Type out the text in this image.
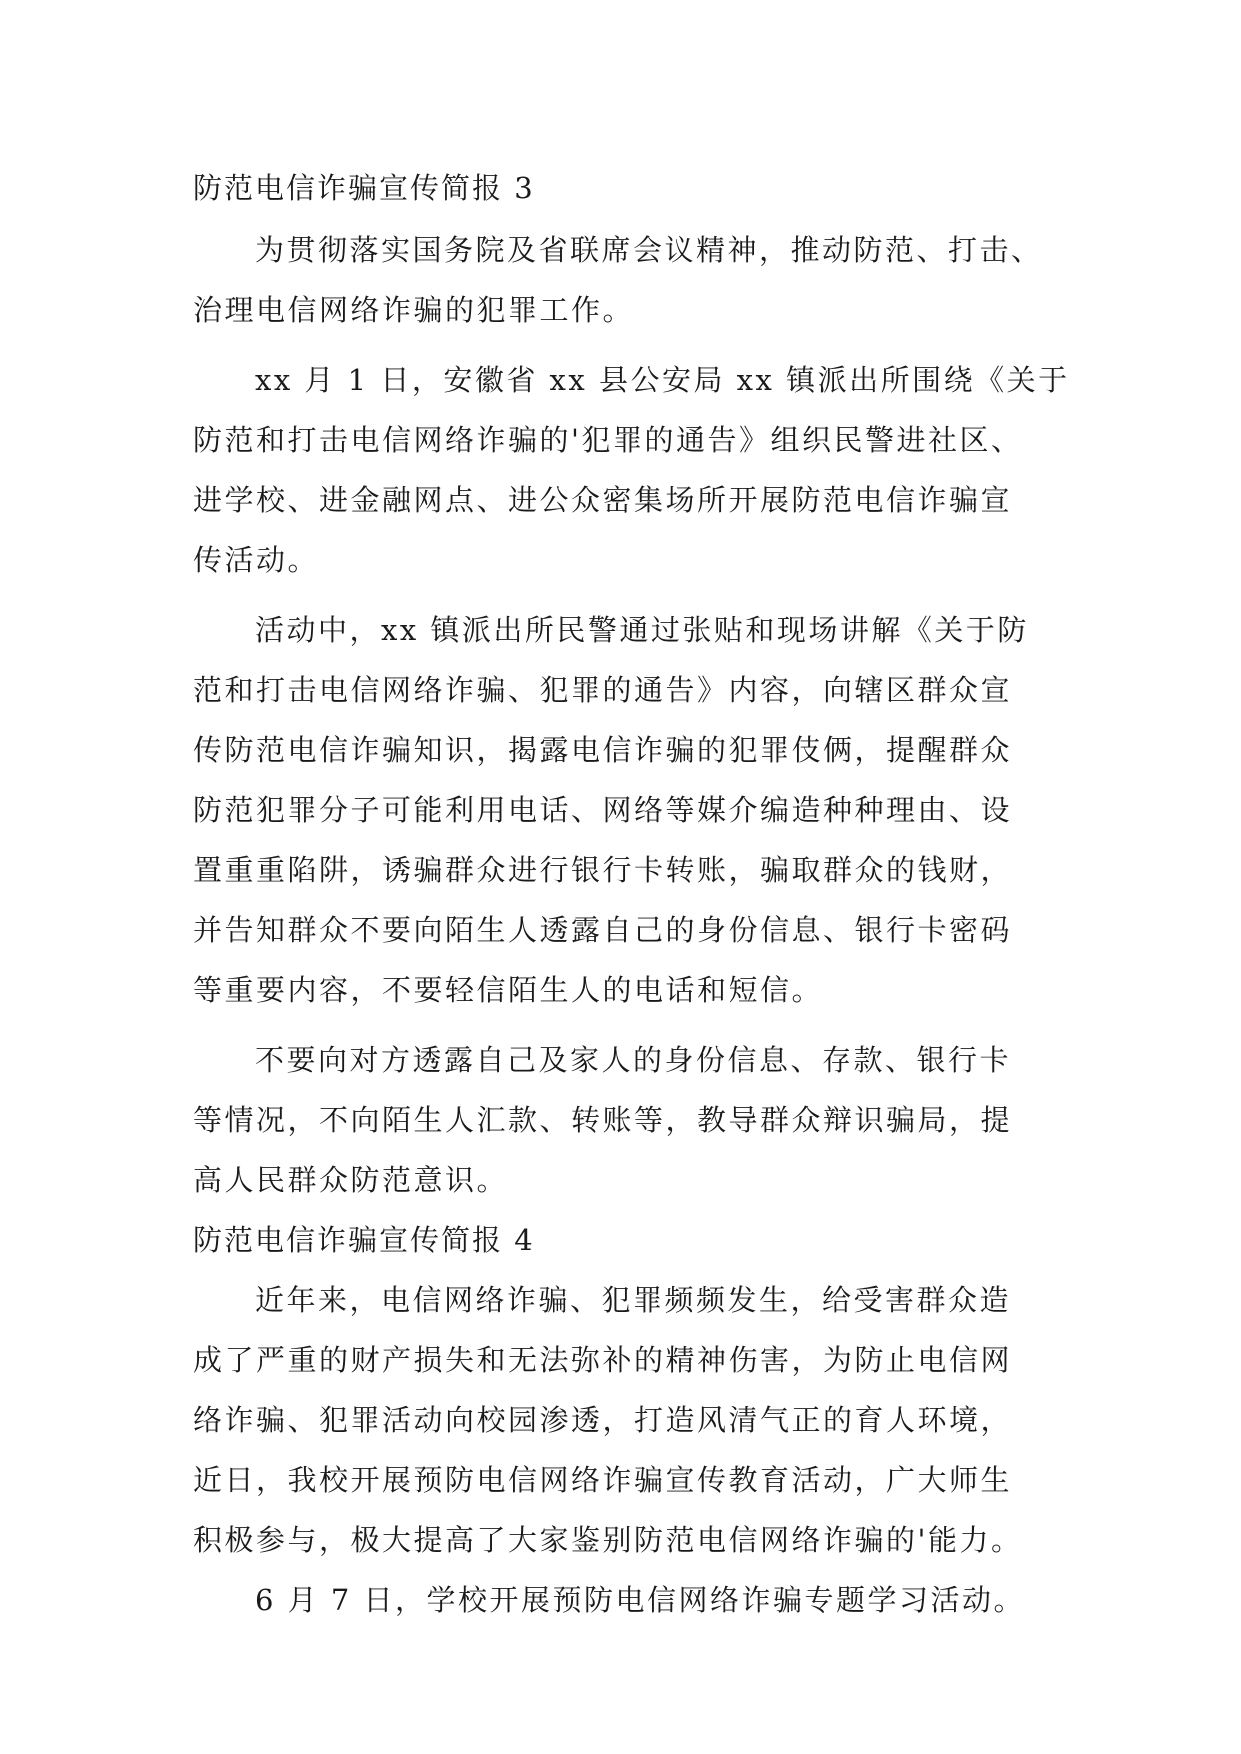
防范电信诈骗宣传简报 3

为贯彻落实国务院及省联席会议精神，推动防范、打击、
治理电信网络诈骗的犯罪工作。

xx 月 1 日，安徽省 xx 县公安局 xx 镇派出所围绕《关于
防范和打击电信网络诈骗的'犯罪的通告》组织民警进社区、
进学校、进金融网点、进公众密集场所开展防范电信诈骗宣
传活动。

活动中，xx 镇派出所民警通过张贴和现场讲解《关于防
范和打击电信网络诈骗、犯罪的通告》内容，向辖区群众宣
传防范电信诈骗知识，揭露电信诈骗的犯罪伎俩，提醒群众
防范犯罪分子可能利用电话、网络等媒介编造种种理由、设
置重重陷阱，诱骗群众进行银行卡转账，骗取群众的钱财，
并告知群众不要向陌生人透露自己的身份信息、银行卡密码
等重要内容，不要轻信陌生人的电话和短信。

不要向对方透露自己及家人的身份信息、存款、银行卡
等情况，不向陌生人汇款、转账等，教导群众辩识骗局，提
高人民群众防范意识。

防范电信诈骗宣传简报 4

近年来，电信网络诈骗、犯罪频频发生，给受害群众造
成了严重的财产损失和无法弥补的精神伤害，为防止电信网
络诈骗、犯罪活动向校园渗透，打造风清气正的育人环境，
近日，我校开展预防电信网络诈骗宣传教育活动，广大师生
积极参与，极大提高了大家鉴别防范电信网络诈骗的'能力。

6 月 7 日，学校开展预防电信网络诈骗专题学习活动。
